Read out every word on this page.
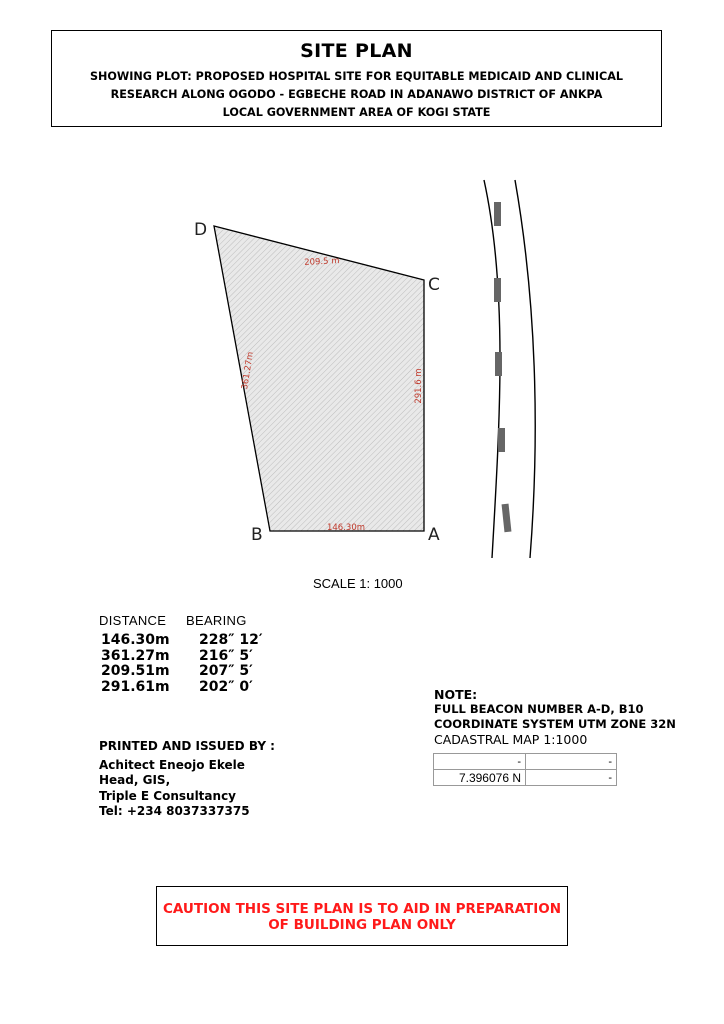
SITE PLAN
SHOWING PLOT: PROPOSED HOSPITAL SITE FOR EQUITABLE MEDICAID AND CLINICAL
RESEARCH ALONG OGODO - EGBECHE ROAD IN ADANAWO DISTRICT OF ANKPA
LOCAL GOVERNMENT AREA OF KOGI STATE
209.5 m
361.27m	291.6 m
146.30m
D
C
B	A
SCALE 1: 1000
DISTANCE BEARING
146.30m	228″ 12′
361.27m	216″ 5′
209.51m	207″ 5′
291.61m	202″ 0′	NOTE:
FULL BEACON NUMBER A-D, B10
COORDINATE SYSTEM UTM ZONE 32N
CADASTRAL MAP 1:1000
-	-
7.396076 N	-
PRINTED AND ISSUED BY :
Achitect Eneojo Ekele
Head, GIS,
Triple E Consultancy
Tel: +234 8037337375
CAUTION THIS SITE PLAN IS TO AID IN PREPARATION
OF BUILDING PLAN ONLY
